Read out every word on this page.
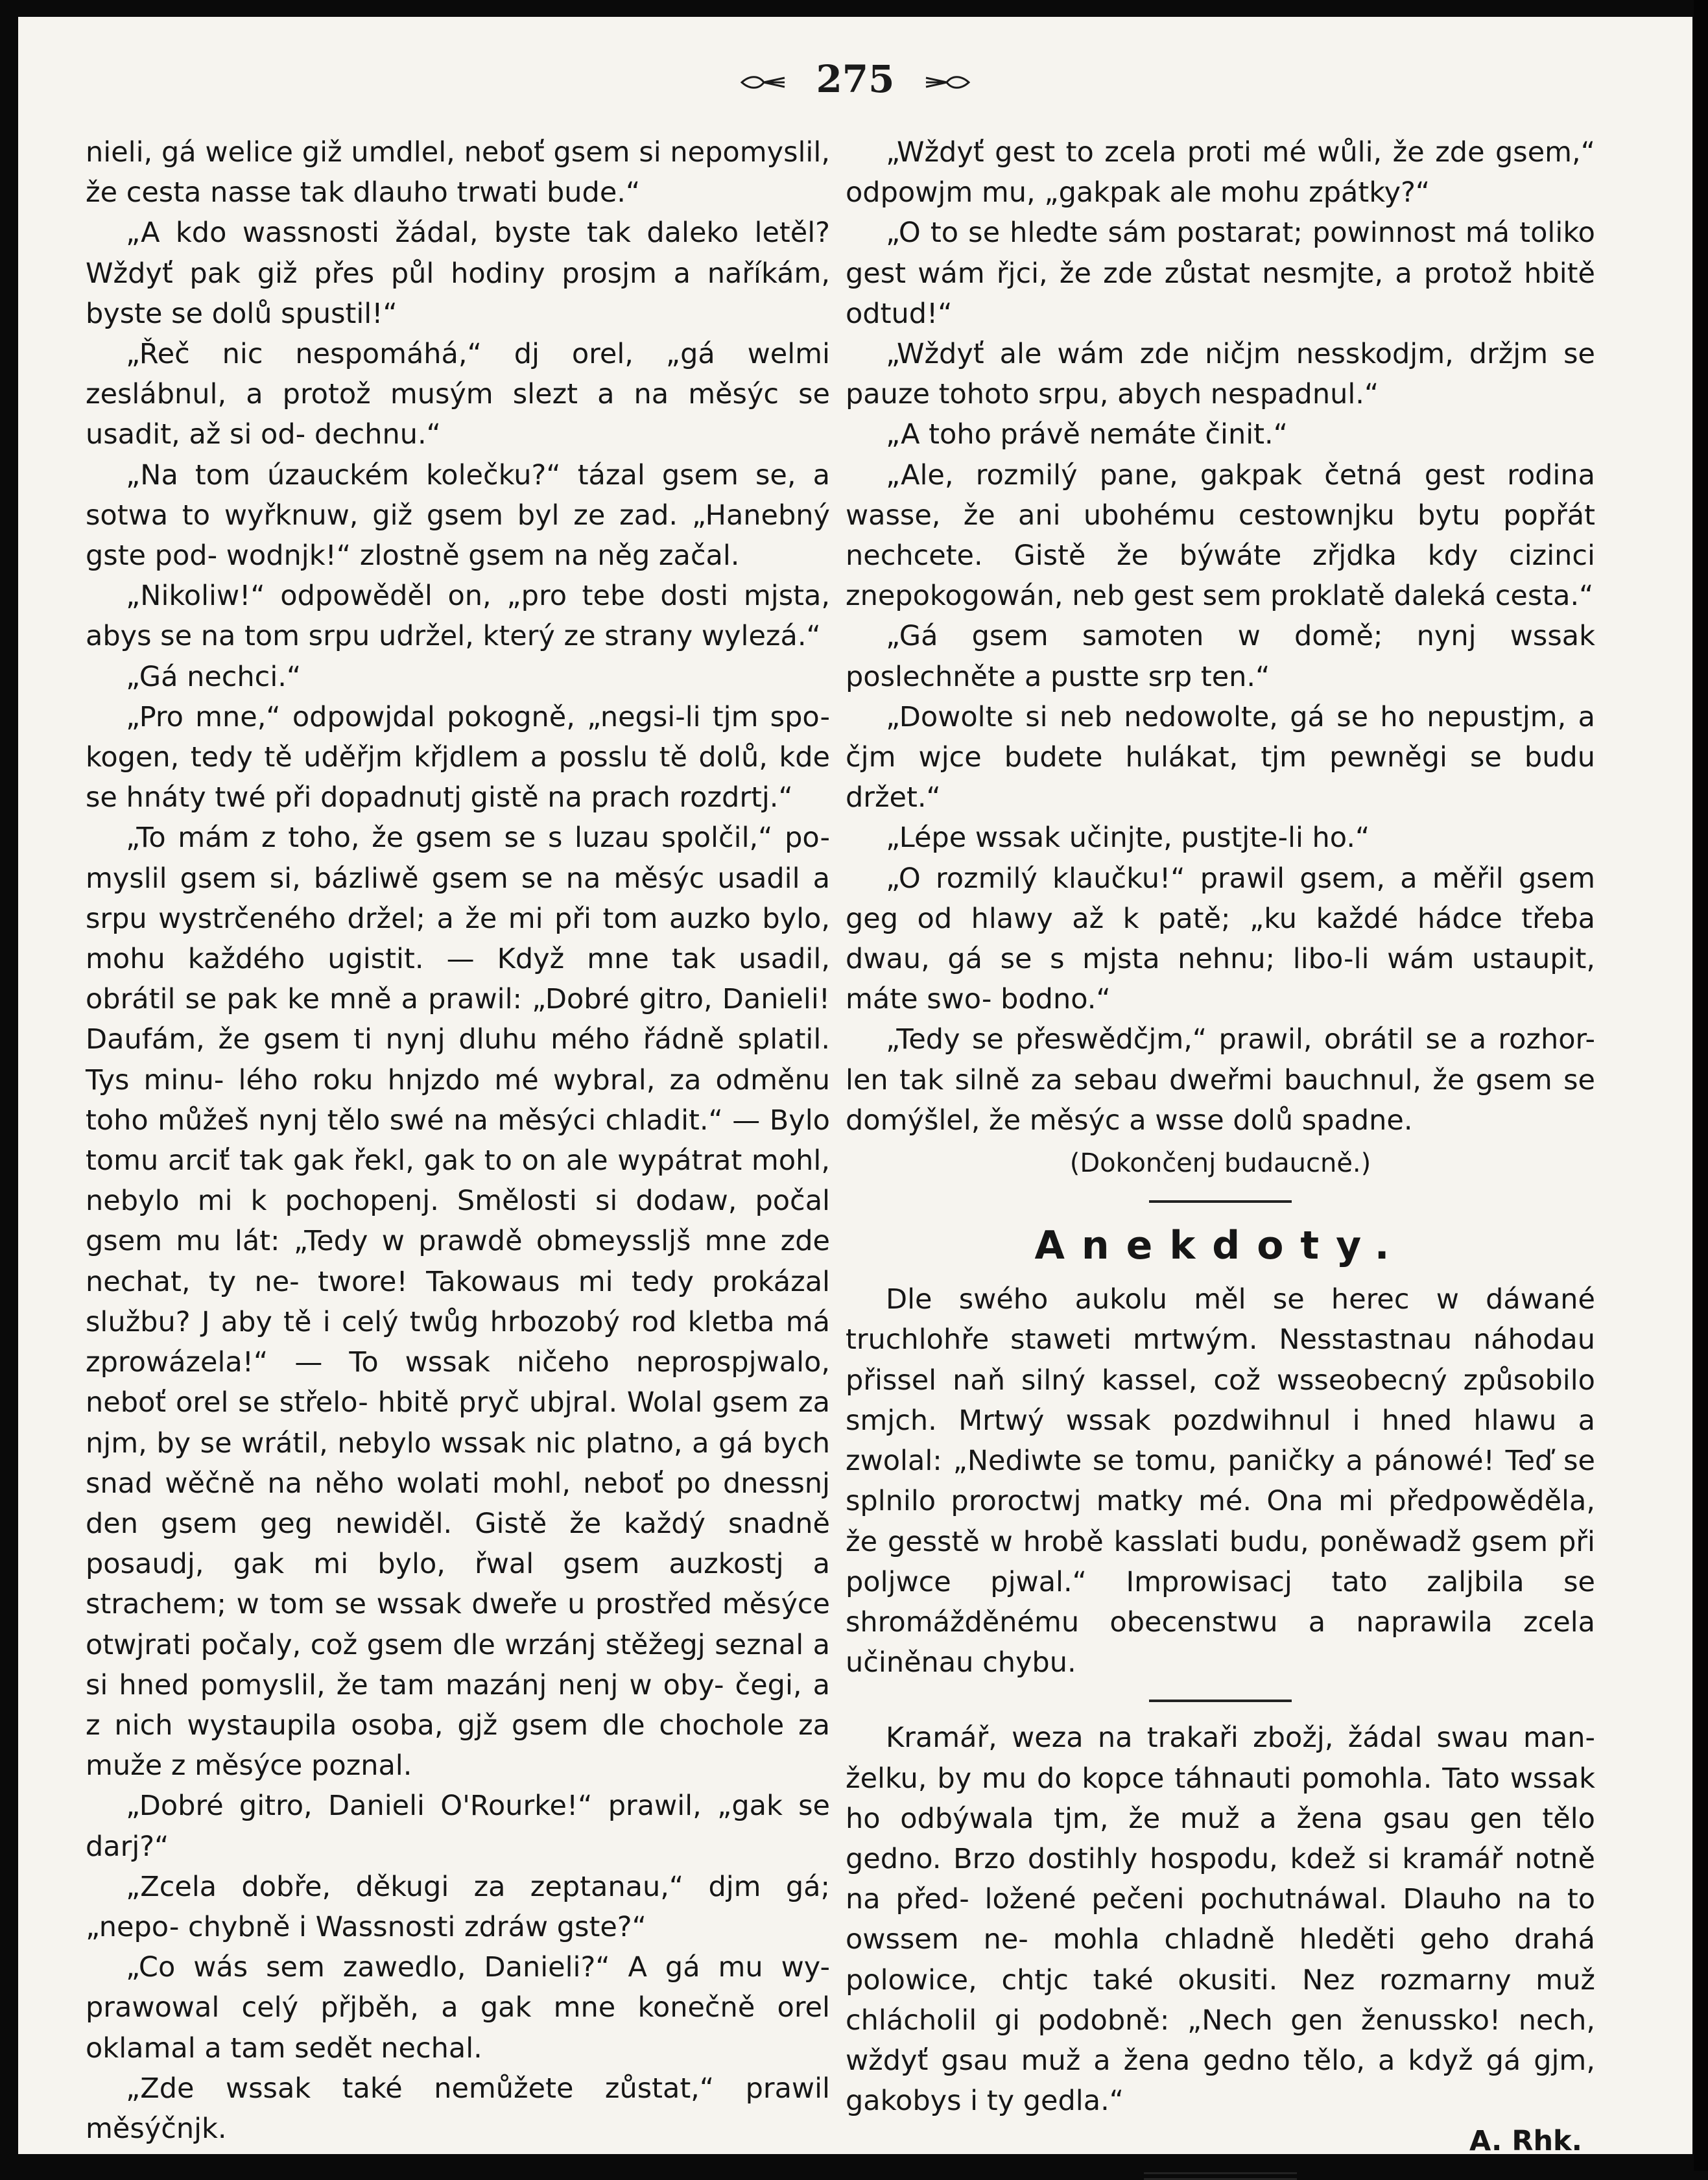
275

nieli, gá welice giž umdlel, neboť gsem si nepomyslil, že cesta nasse tak dlauho trwati bude.“

„A kdo wassnosti žádal, byste tak daleko letěl? Wždyť pak giž přes půl hodiny prosjm a naříkám, byste se dolů spustil!“

„Řeč nic nespomáhá,“ dj orel, „gá welmi zeslábnul, a protož musým slezt a na měsýc se usadit, až si od- dechnu.“

„Na tom úzauckém kolečku?“ tázal gsem se, a sotwa to wyřknuw, giž gsem byl ze zad. „Hanebný gste pod- wodnjk!“ zlostně gsem na něg začal.

„Nikoliw!“ odpowěděl on, „pro tebe dosti mjsta, abys se na tom srpu udržel, který ze strany wylezá.“

„Gá nechci.“

„Pro mne,“ odpowjdal pokogně, „negsi-li tjm spo- kogen, tedy tě uděřjm křjdlem a posslu tě dolů, kde se hnáty twé při dopadnutj gistě na prach rozdrtj.“

„To mám z toho, že gsem se s luzau spolčil,“ po- myslil gsem si, bázliwě gsem se na měsýc usadil a srpu wystrčeného držel; a že mi při tom auzko bylo, mohu každého ugistit. — Když mne tak usadil, obrátil se pak ke mně a prawil: „Dobré gitro, Danieli! Daufám, že gsem ti nynj dluhu mého řádně splatil. Tys minu- lého roku hnjzdo mé wybral, za odměnu toho můžeš nynj tělo swé na měsýci chladit.“ — Bylo tomu arciť tak gak řekl, gak to on ale wypátrat mohl, nebylo mi k pochopenj. Smělosti si dodaw, počal gsem mu lát: „Tedy w prawdě obmeyssljš mne zde nechat, ty ne- twore! Takowaus mi tedy prokázal službu? J aby tě i celý twůg hrbozobý rod kletba má zprowázela!“ — To wssak ničeho neprospjwalo, neboť orel se střelo- hbitě pryč ubjral. Wolal gsem za njm, by se wrátil, nebylo wssak nic platno, a gá bych snad wěčně na něho wolati mohl, neboť po dnessnj den gsem geg newiděl. Gistě že každý snadně posaudj, gak mi bylo, řwal gsem auzkostj a strachem; w tom se wssak dweře u prostřed měsýce otwjrati počaly, což gsem dle wrzánj stěžegj seznal a si hned pomyslil, že tam mazánj nenj w oby- čegi, a z nich wystaupila osoba, gjž gsem dle chochole za muže z měsýce poznal.

„Dobré gitro, Danieli O'Rourke!“ prawil, „gak se darj?“

„Zcela dobře, děkugi za zeptanau,“ djm gá; „nepo- chybně i Wassnosti zdráw gste?“

„Co wás sem zawedlo, Danieli?“ A gá mu wy- prawowal celý přjběh, a gak mne konečně orel oklamal a tam sedět nechal.

„Zde wssak také nemůžete zůstat,“ prawil měsýčnjk.

„Wždyť gest to zcela proti mé wůli, že zde gsem,“ odpowjm mu, „gakpak ale mohu zpátky?“

„O to se hledte sám postarat; powinnost má toliko gest wám řjci, že zde zůstat nesmjte, a protož hbitě odtud!“

„Wždyť ale wám zde ničjm nesskodjm, držjm se pauze tohoto srpu, abych nespadnul.“

„A toho právě nemáte činit.“

„Ale, rozmilý pane, gakpak četná gest rodina wasse, že ani ubohému cestownjku bytu popřát nechcete. Gistě že býwáte zřjdka kdy cizinci znepokogowán, neb gest sem proklatě daleká cesta.“

„Gá gsem samoten w domě; nynj wssak poslechněte a pustte srp ten.“

„Dowolte si neb nedowolte, gá se ho nepustjm, a čjm wjce budete hulákat, tjm pewněgi se budu držet.“

„Lépe wssak učinjte, pustjte-li ho.“

„O rozmilý klaučku!“ prawil gsem, a měřil gsem geg od hlawy až k patě; „ku každé hádce třeba dwau, gá se s mjsta nehnu; libo-li wám ustaupit, máte swo- bodno.“

„Tedy se přeswědčjm,“ prawil, obrátil se a rozhor- len tak silně za sebau dweřmi bauchnul, že gsem se domýšlel, že měsýc a wsse dolů spadne.

(Dokončenj budaucně.)
Anekdoty.

Dle swého aukolu měl se herec w dáwané truchlohře staweti mrtwým. Nesstastnau náhodau přissel naň silný kassel, což wsseobecný způsobilo smjch. Mrtwý wssak pozdwihnul i hned hlawu a zwolal: „Nediwte se tomu, paničky a pánowé! Teď se splnilo proroctwj matky mé. Ona mi předpowěděla, že gesstě w hrobě kasslati budu, poněwadž gsem při poljwce pjwal.“ Improwisacj tato zaljbila se shromážděnému obecenstwu a naprawila zcela učiněnau chybu.

Kramář, weza na trakaři zbožj, žádal swau man- želku, by mu do kopce táhnauti pomohla. Tato wssak ho odbýwala tjm, že muž a žena gsau gen tělo gedno. Brzo dostihly hospodu, kdež si kramář notně na před- ložené pečeni pochutnáwal. Dlauho na to owssem ne- mohla chladně hleděti geho drahá polowice, chtjc také okusiti. Nez rozmarny muž chlácholil gi podobně: „Nech gen ženussko! nech, wždyť gsau muž a žena gedno tělo, a když gá gjm, gakobys i ty gedla.“

A. Rhk.
